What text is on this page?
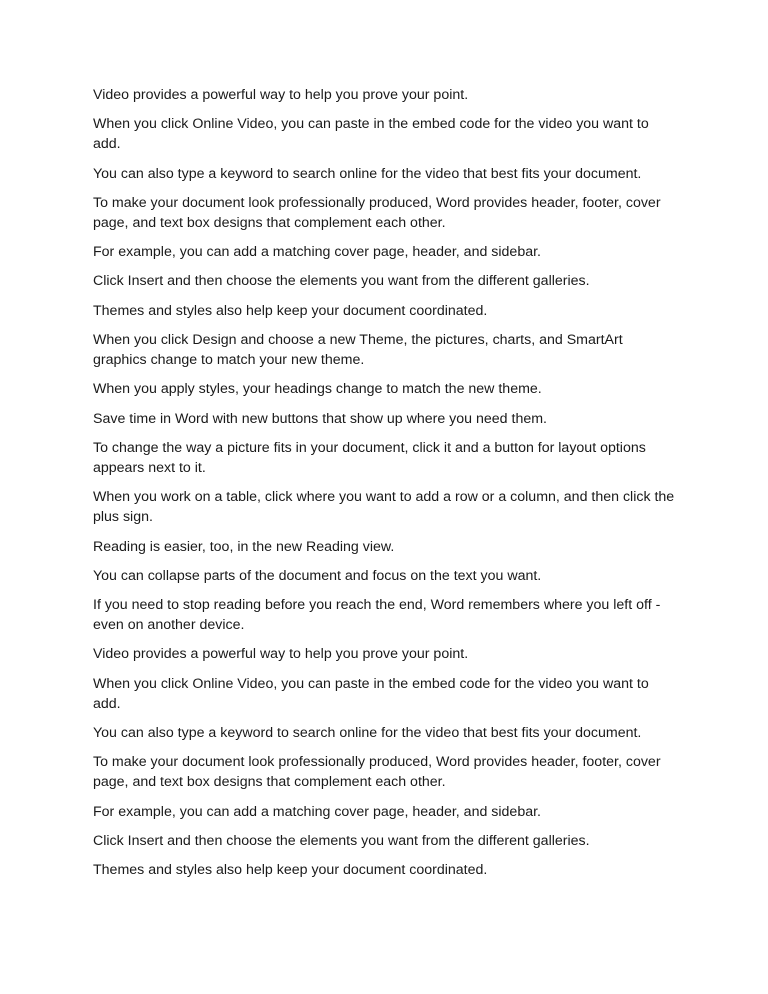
Video provides a powerful way to help you prove your point.

When you click Online Video, you can paste in the embed code for the video you want to add.

You can also type a keyword to search online for the video that best fits your document.

To make your document look professionally produced, Word provides header, footer, cover page, and text box designs that complement each other.

For example, you can add a matching cover page, header, and sidebar.

Click Insert and then choose the elements you want from the different galleries.

Themes and styles also help keep your document coordinated.

When you click Design and choose a new Theme, the pictures, charts, and SmartArt graphics change to match your new theme.

When you apply styles, your headings change to match the new theme.

Save time in Word with new buttons that show up where you need them.

To change the way a picture fits in your document, click it and a button for layout options appears next to it.

When you work on a table, click where you want to add a row or a column, and then click the plus sign.

Reading is easier, too, in the new Reading view.

You can collapse parts of the document and focus on the text you want.

If you need to stop reading before you reach the end, Word remembers where you left off - even on another device.

Video provides a powerful way to help you prove your point.

When you click Online Video, you can paste in the embed code for the video you want to add.

You can also type a keyword to search online for the video that best fits your document.

To make your document look professionally produced, Word provides header, footer, cover page, and text box designs that complement each other.

For example, you can add a matching cover page, header, and sidebar.

Click Insert and then choose the elements you want from the different galleries.

Themes and styles also help keep your document coordinated.
